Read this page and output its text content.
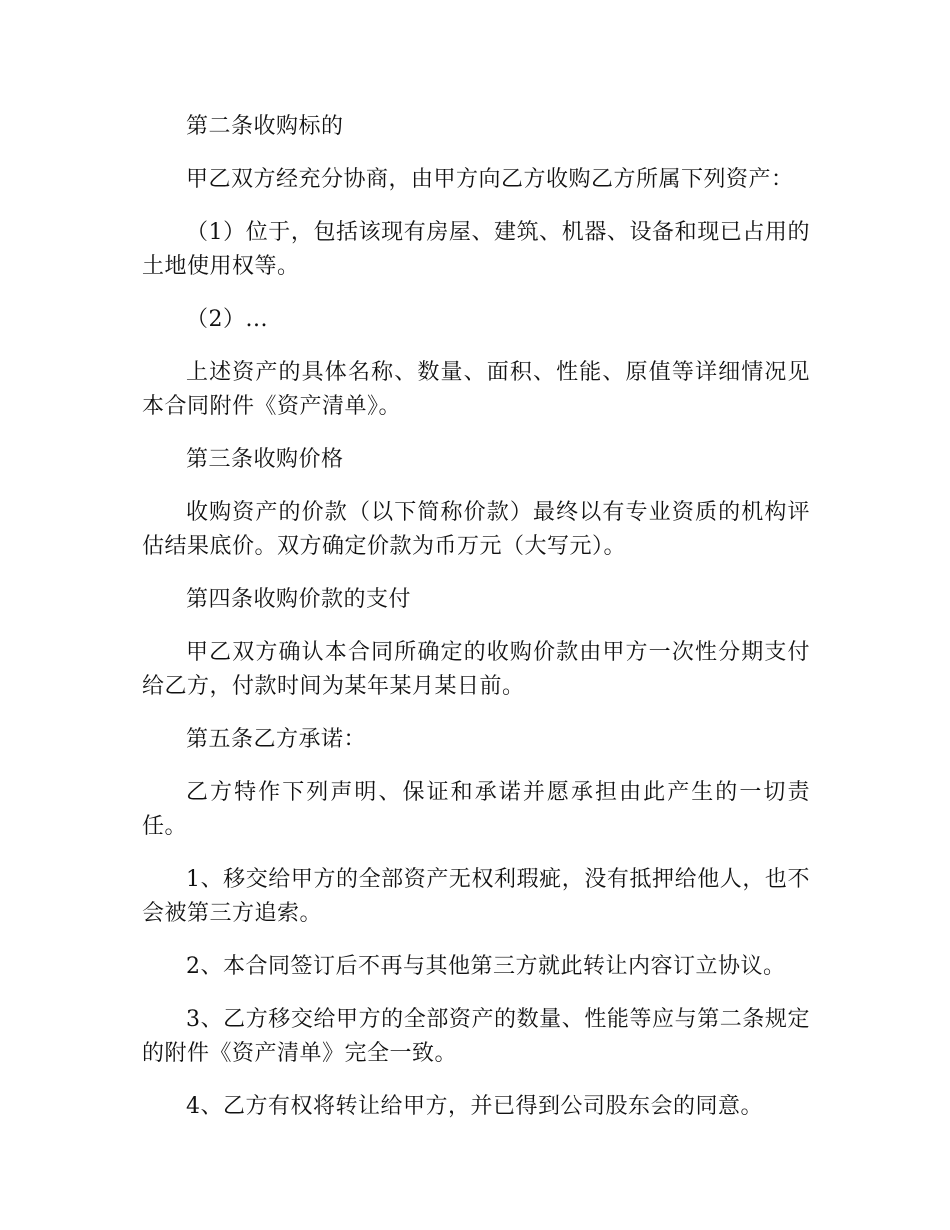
第二条收购标的

甲乙双方经充分协商，由甲方向乙方收购乙方所属下列资产：

（1）位于，包括该现有房屋、建筑、机器、设备和现已占用的土地使用权等。

（2）...

上述资产的具体名称、数量、面积、性能、原值等详细情况见本合同附件《资产清单》。

第三条收购价格

收购资产的价款（以下简称价款）最终以有专业资质的机构评估结果底价。双方确定价款为币万元（大写元）。

第四条收购价款的支付

甲乙双方确认本合同所确定的收购价款由甲方一次性分期支付给乙方，付款时间为某年某月某日前。

第五条乙方承诺：

乙方特作下列声明、保证和承诺并愿承担由此产生的一切责任。

1、移交给甲方的全部资产无权利瑕疵，没有抵押给他人，也不会被第三方追索。

2、本合同签订后不再与其他第三方就此转让内容订立协议。

3、乙方移交给甲方的全部资产的数量、性能等应与第二条规定的附件《资产清单》完全一致。

4、乙方有权将转让给甲方，并已得到公司股东会的同意。
